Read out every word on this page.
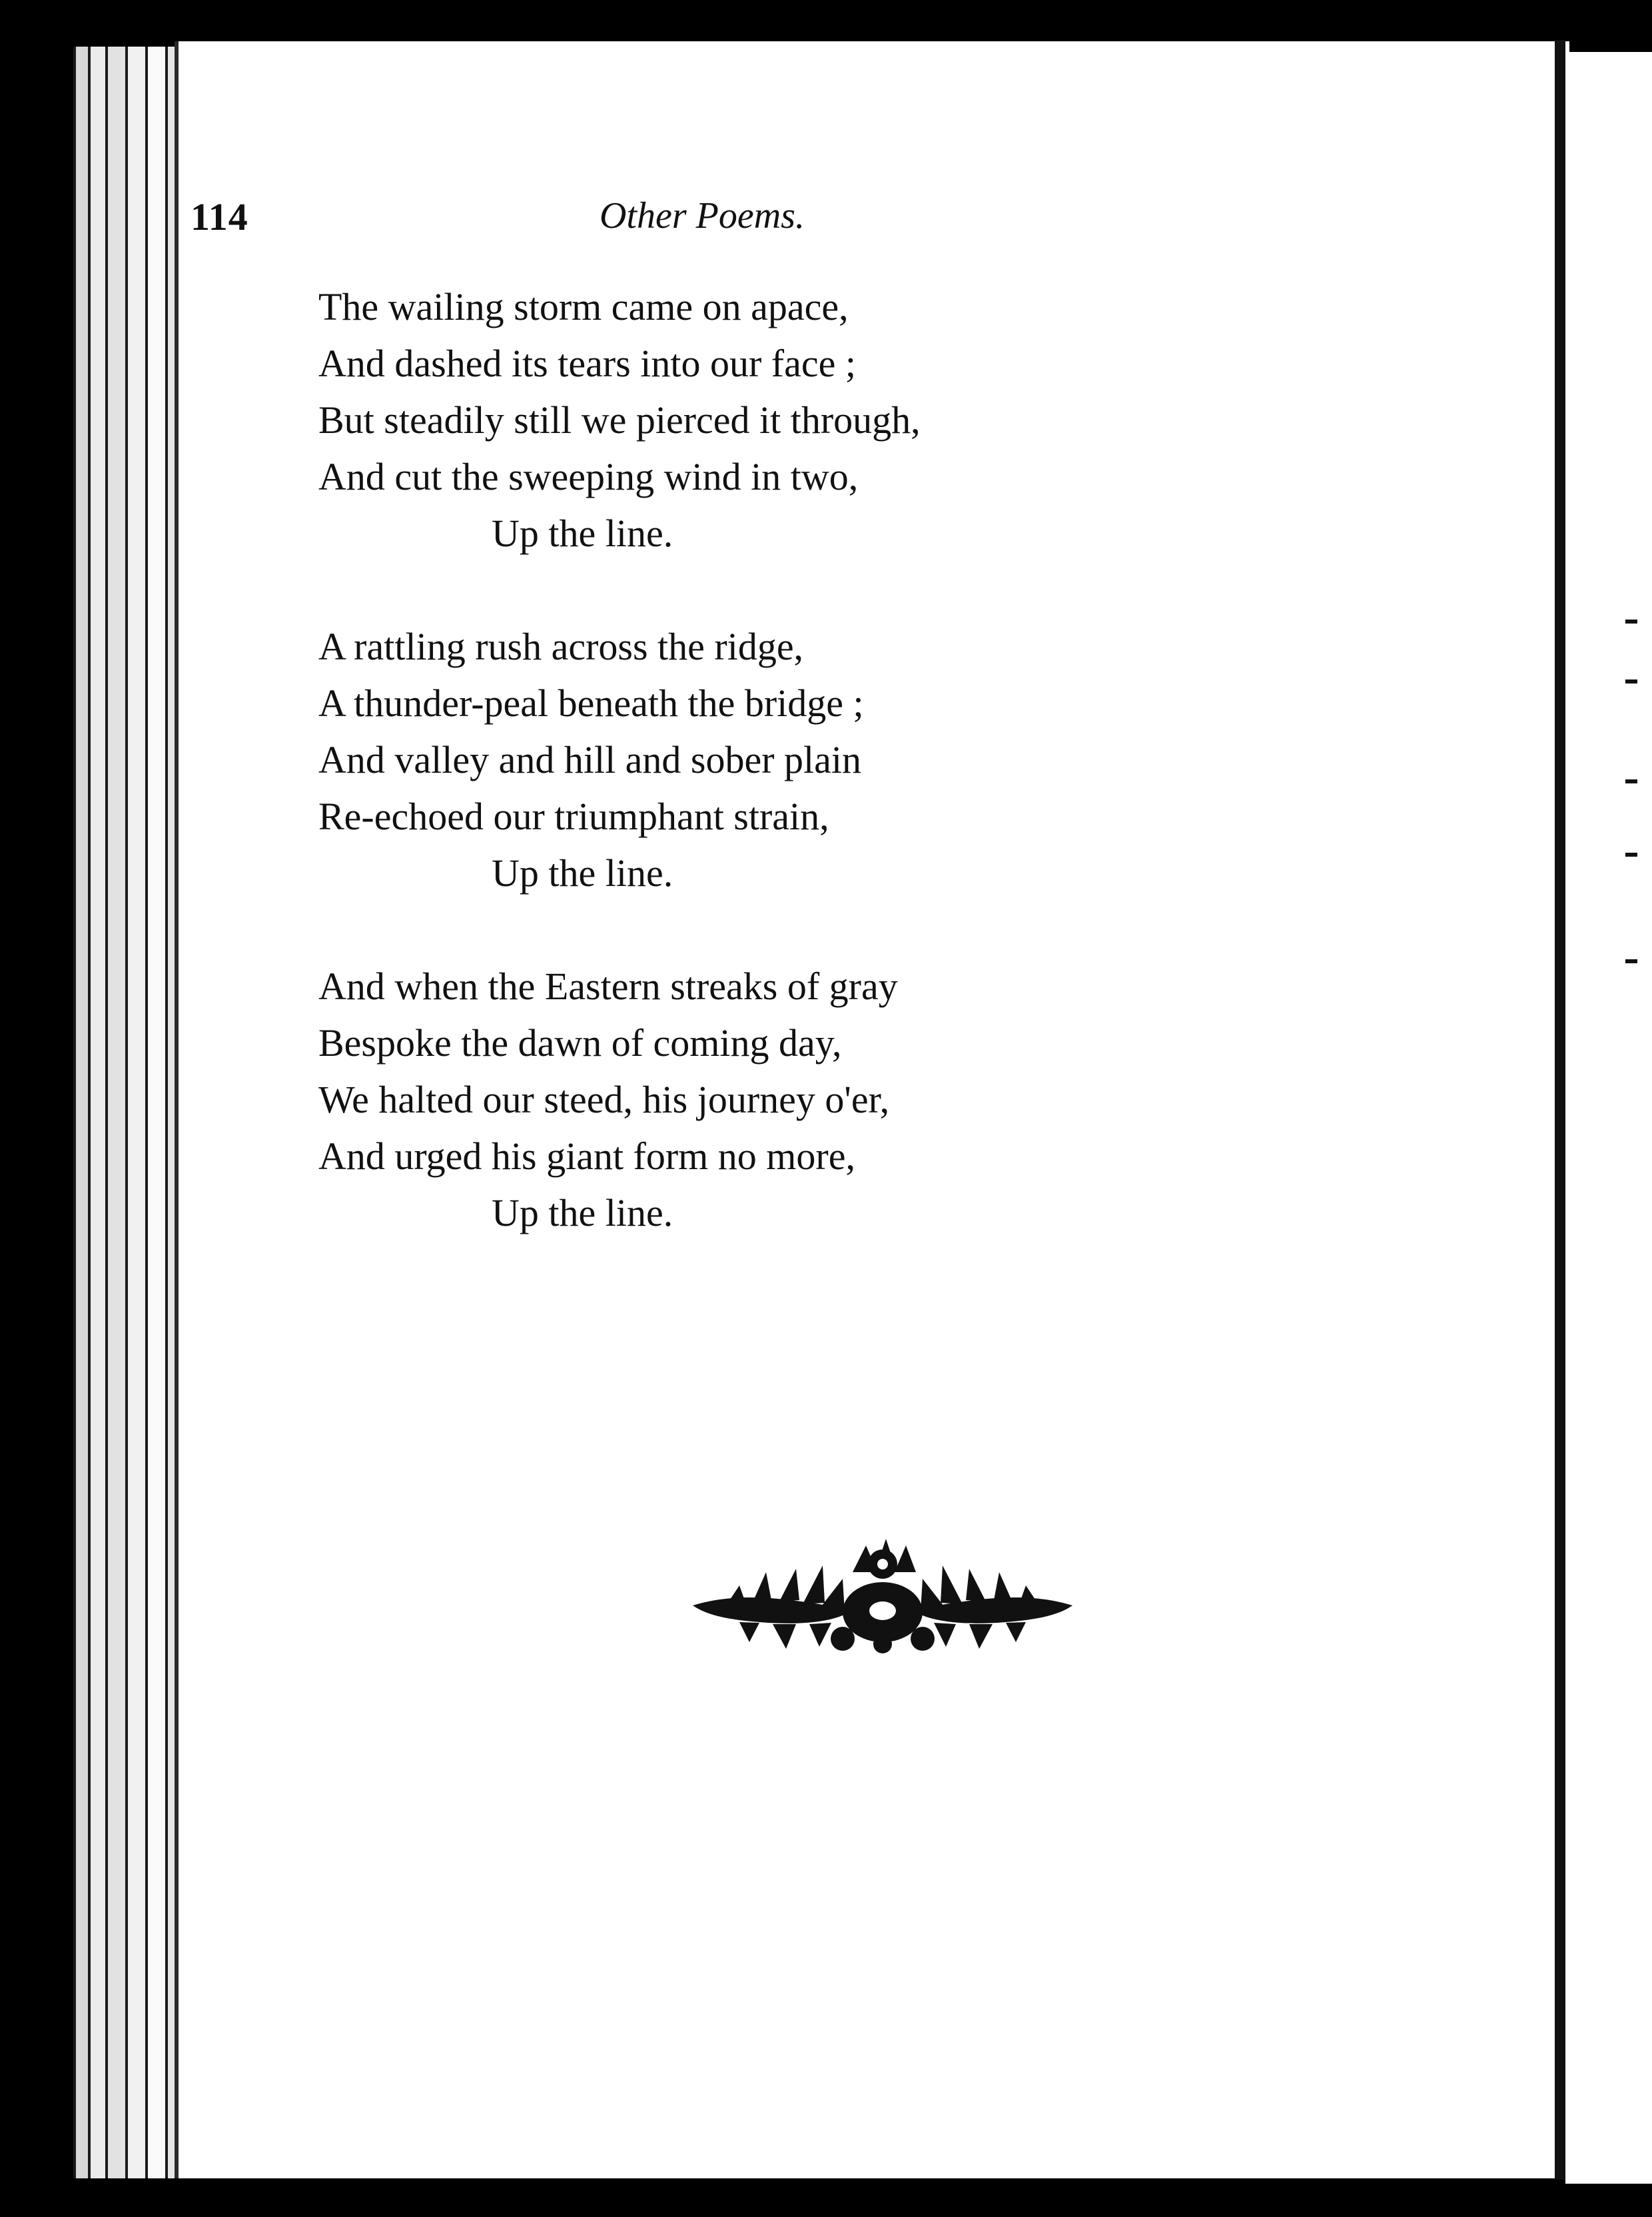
114	Other Poems.
The wailing storm came on apace,
And dashed its tears into our face ;
But steadily still we pierced it through,
And cut the sweeping wind in two,
Up the line.
A rattling rush across the ridge,
A thunder-peal beneath the bridge ;
And valley and hill and sober plain
Re-echoed our triumphant strain,
Up the line.
And when the Eastern streaks of gray
Bespoke the dawn of coming day,
We halted our steed, his journey o'er,
And urged his giant form no more,
Up the line.
